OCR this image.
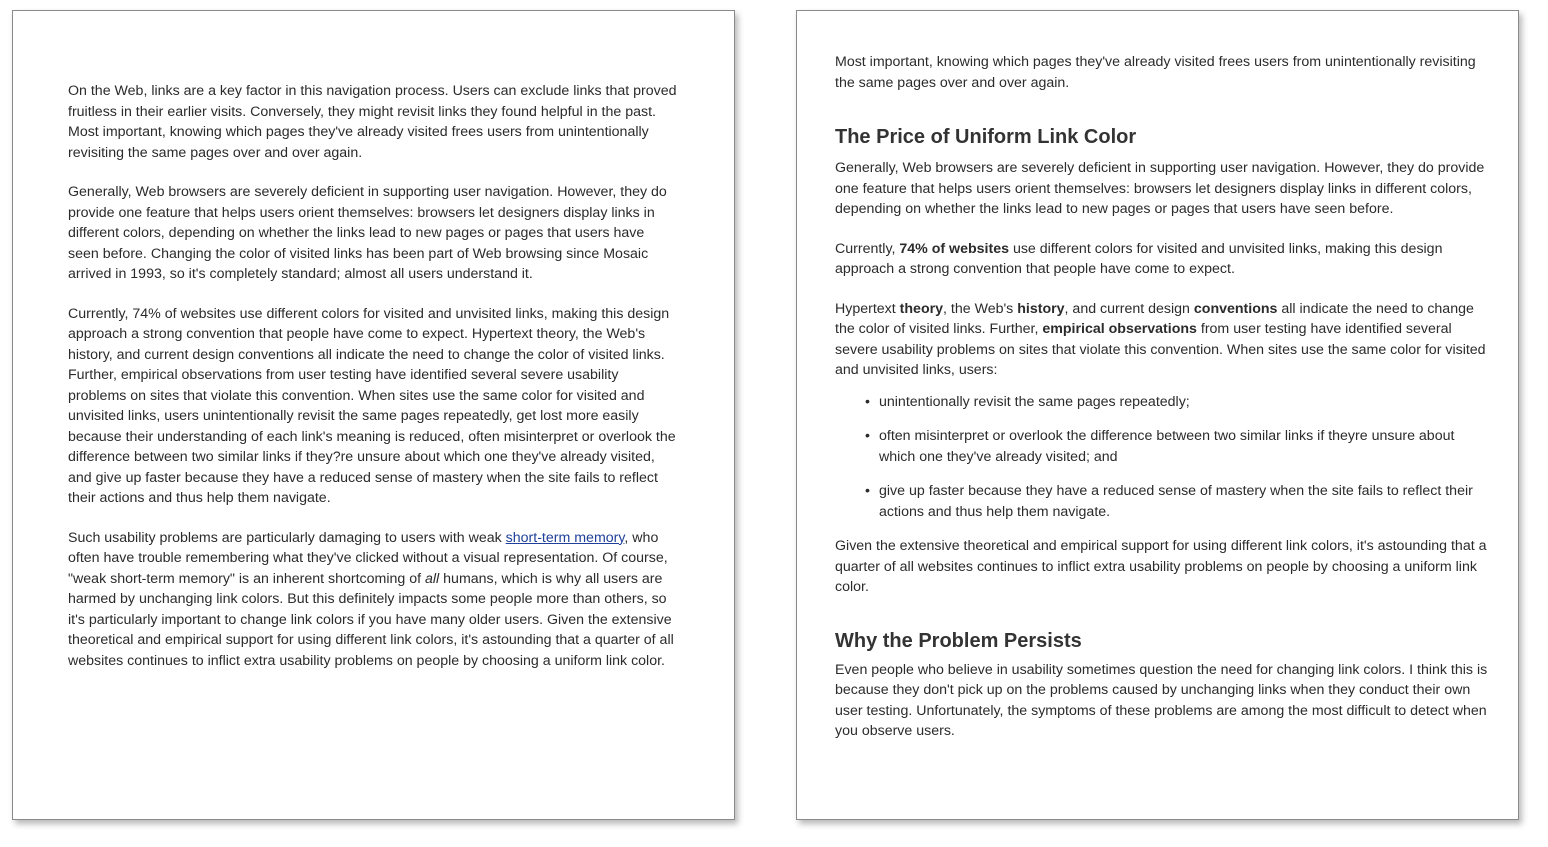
On the Web, links are a key factor in this navigation process. Users can exclude links that proved fruitless in their earlier visits. Conversely, they might revisit links they found helpful in the past. Most important, knowing which pages they've already visited frees users from unintentionally revisiting the same pages over and over again.

Generally, Web browsers are severely deficient in supporting user navigation. However, they do provide one feature that helps users orient themselves: browsers let designers display links in different colors, depending on whether the links lead to new pages or pages that users have seen before. Changing the color of visited links has been part of Web browsing since Mosaic arrived in 1993, so it's completely standard; almost all users understand it.

Currently, 74% of websites use different colors for visited and unvisited links, making this design approach a strong convention that people have come to expect. Hypertext theory, the Web's history, and current design conventions all indicate the need to change the color of visited links. Further, empirical observations from user testing have identified several severe usability problems on sites that violate this convention. When sites use the same color for visited and unvisited links, users unintentionally revisit the same pages repeatedly, get lost more easily because their understanding of each link's meaning is reduced, often misinterpret or overlook the difference between two similar links if they?re unsure about which one they've already visited, and give up faster because they have a reduced sense of mastery when the site fails to reflect their actions and thus help them navigate.

Such usability problems are particularly damaging to users with weak short-term memory, who often have trouble remembering what they've clicked without a visual representation. Of course, "weak short-term memory" is an inherent shortcoming of all humans, which is why all users are harmed by unchanging link colors. But this definitely impacts some people more than others, so it's particularly important to change link colors if you have many older users. Given the extensive theoretical and empirical support for using different link colors, it's astounding that a quarter of all websites continues to inflict extra usability problems on people by choosing a uniform link color.

Most important, knowing which pages they've already visited frees users from unintentionally revisiting the same pages over and over again.

The Price of Uniform Link Color

Generally, Web browsers are severely deficient in supporting user navigation. However, they do provide one feature that helps users orient themselves: browsers let designers display links in different colors, depending on whether the links lead to new pages or pages that users have seen before.

Currently, 74% of websites use different colors for visited and unvisited links, making this design approach a strong convention that people have come to expect.

Hypertext theory, the Web's history, and current design conventions all indicate the need to change the color of visited links. Further, empirical observations from user testing have identified several severe usability problems on sites that violate this convention. When sites use the same color for visited and unvisited links, users:

• unintentionally revisit the same pages repeatedly;
• often misinterpret or overlook the difference between two similar links if theyre unsure about which one they've already visited; and
• give up faster because they have a reduced sense of mastery when the site fails to reflect their actions and thus help them navigate.

Given the extensive theoretical and empirical support for using different link colors, it's astounding that a quarter of all websites continues to inflict extra usability problems on people by choosing a uniform link color.

Why the Problem Persists

Even people who believe in usability sometimes question the need for changing link colors. I think this is because they don't pick up on the problems caused by unchanging links when they conduct their own user testing. Unfortunately, the symptoms of these problems are among the most difficult to detect when you observe users.
